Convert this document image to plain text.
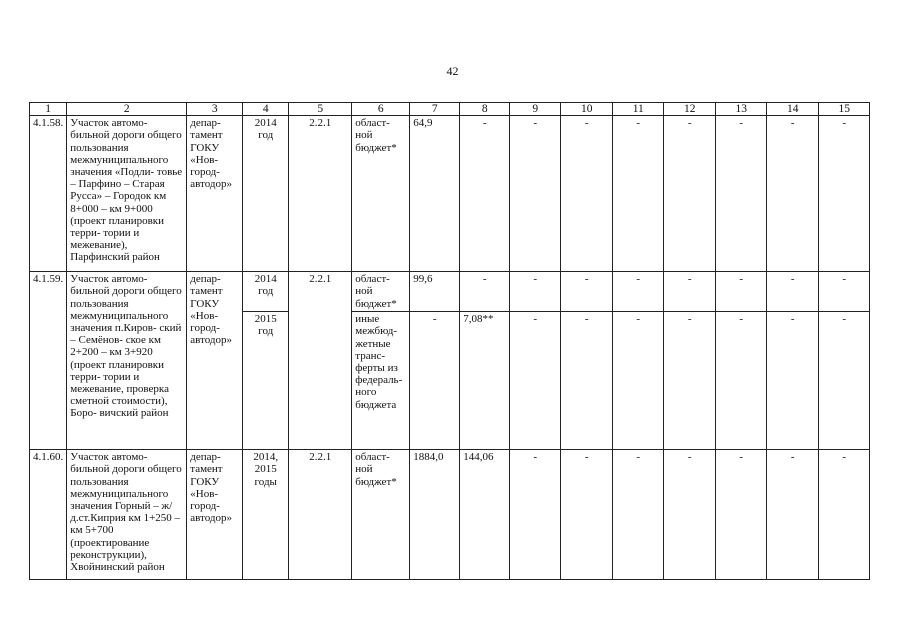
42
1	2	3	4	5	6	7	8	9	10	11	12	13	14	15
4.1.58.	Участок автомо- бильной дороги общего пользования межмуниципального значения «Подли- товье – Парфино – Старая Русса» – Городок км 8+000 – км 9+000 (проект планировки терри- тории и межевание), Парфинский район	депар- тамент ГОКУ «Нов- город- автодор»	2014 год	2.2.1	област- ной бюджет*	64,9	-	-	-	-	-	-	-	-
4.1.59.	Участок автомо- бильной дороги общего пользования межмуниципального значения п.Киров- ский – Семёнов- ское км 2+200 – км 3+920 (проект планировки терри- тории и межевание, проверка сметной стоимости), Боро- вичский район	депар- тамент ГОКУ «Нов- город- автодор»	2014 год	2.2.1	област- ной бюджет*	99,6	-	-	-	-	-	-	-	-
			2015 год		иные межбюд- жетные транс- ферты из федераль- ного бюджета	-	7,08**	-	-	-	-	-	-	-
4.1.60.	Участок автомо- бильной дороги общего пользования межмуниципального значения Горный – ж/д.ст.Киприя км 1+250 – км 5+700 (проектирование реконструкции), Хвойнинский район	депар- тамент ГОКУ «Нов- город- автодор»	2014, 2015 годы	2.2.1	област- ной бюджет*	1884,0	144,06	-	-	-	-	-	-	-
